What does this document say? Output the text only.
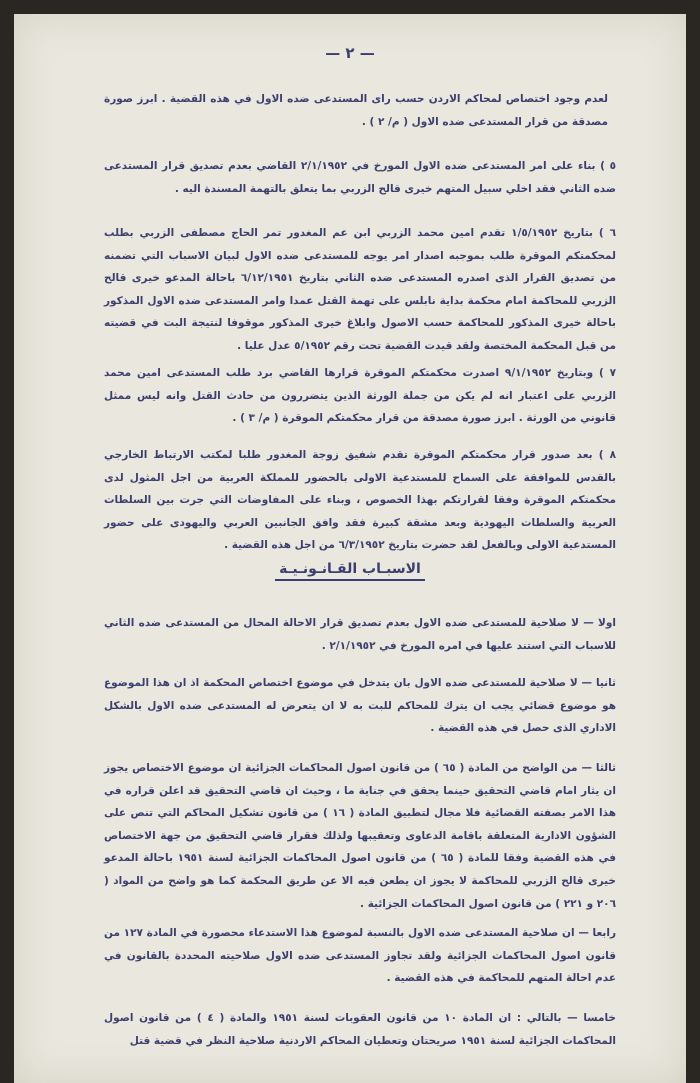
— ٢ —
لعدم وجود اختصاص لمحاكم الاردن حسب راى المستدعى ضده الاول في هذه القضية . ابرز صورة مصدقة من قرار المستدعى ضده الاول ( م/ ٢ ) .
٥ ) بناء على امر المستدعى ضده الاول المورخ في ٢/١/١٩٥٢ القاضي بعدم تصديق قرار المستدعى ضده الثاني فقد اخلي سبيل المتهم خيرى قالح الزربي بما يتعلق بالتهمة المسندة اليه .
٦ ) بتاريخ ١/٥/١٩٥٢ تقدم امين محمد الزربي ابن عم المغدور تمر الحاج مصطفى الزربي بطلب لمحكمتكم الموقرة طلب بموجبه اصدار امر يوجه للمستدعى ضده الاول لبيان الاسباب التي تضمنه من تصديق القرار الذى اصدره المستدعى ضده الثاني بتاريخ ٦/١٢/١٩٥١ باحالة المدعو خيرى قالح الزربي للمحاكمة امام محكمة بداية نابلس على تهمة القتل عمدا وامر المستدعى ضده الاول المذكور باحالة خيرى المذكور للمحاكمة حسب الاصول وابلاغ خيرى المذكور موقوفا لنتيجة البت في قضيته من قبل المحكمة المختصة ولقد قيدت القضية تحت رقم ٥/١٩٥٢ عدل عليا .
٧ ) وبتاريخ ٩/١/١٩٥٢ اصدرت محكمتكم الموقرة قرارها القاضي برد طلب المستدعى امين محمد الزربي على اعتبار انه لم يكن من جملة الورثة الذين يتضررون من حادث القتل وانه ليس ممثل قانوني من الورثة . ابرز صورة مصدقة من قرار محكمتكم الموقرة ( م/ ٣ ) .
٨ ) بعد صدور قرار محكمتكم الموقرة تقدم شفيق زوجة المغدور طلبا لمكتب الارتباط الخارجي بالقدس للموافقة على السماح للمستدعية الاولى بالحضور للمملكة العربية من اجل المثول لدى محكمتكم الموقرة وفقا لقرارتكم بهذا الخصوص ، وبناء على المفاوضات التي جرت بين السلطات العربية والسلطات اليهودية وبعد مشقة كبيرة فقد وافق الجانبين العربي واليهودى على حضور المستدعية الاولى وبالفعل لقد حضرت بتاريخ ٦/٣/١٩٥٢ من اجل هذه القضية .
الاسبـاب القـانـونـيـة
اولا — لا صلاحية للمستدعى ضده الاول بعدم تصديق قرار الاحالة المحال من المستدعى ضده الثاني للاسباب التي استند عليها في امره المورخ في ٢/١/١٩٥٢ .
ثانيا — لا صلاحية للمستدعى ضده الاول بان يتدخل في موضوع اختصاص المحكمة اذ ان هذا الموضوع هو موضوع قضائي يجب ان يترك للمحاكم للبت به لا ان يتعرض له المستدعى ضده الاول بالشكل الاداري الذى حصل في هذه القضية .
ثالثا — من الواضح من المادة ( ٦٥ ) من قانون اصول المحاكمات الجزائية ان موضوع الاختصاص يجوز ان يثار امام قاضي التحقيق حينما يحقق في جناية ما ، وحيث ان قاضي التحقيق قد اعلن قراره في هذا الامر بصفته القضائية فلا مجال لتطبيق المادة ( ١٦ ) من قانون تشكيل المحاكم التي تنص على الشؤون الادارية المتعلقة باقامة الدعاوى وتعقيبها ولذلك فقرار قاضي التحقيق من جهة الاختصاص في هذه القضية وفقا للمادة ( ٦٥ ) من قانون اصول المحاكمات الجزائية لسنة ١٩٥١ باحالة المدعو خيرى قالح الزربي للمحاكمة لا يجوز ان يطعن فيه الا عن طريق المحكمة كما هو واضح من المواد ( ٢٠٦ و ٢٢١ ) من قانون اصول المحاكمات الجزائية .
رابعا — ان صلاحية المستدعى ضده الاول بالنسبة لموضوع هذا الاستدعاء محصورة في المادة ١٢٧ من قانون اصول المحاكمات الجزائية ولقد تجاوز المستدعى ضده الاول صلاحيته المحددة بالقانون في عدم احالة المتهم للمحاكمة في هذه القضية .
خامسا — بالتالي : ان المادة ١٠ من قانون العقوبات لسنة ١٩٥١ والمادة ( ٤ ) من قانون اصول المحاكمات الجزائية لسنة ١٩٥١ صريحتان وتعطيان المحاكم الاردنية صلاحية النظر في قضية قتل
